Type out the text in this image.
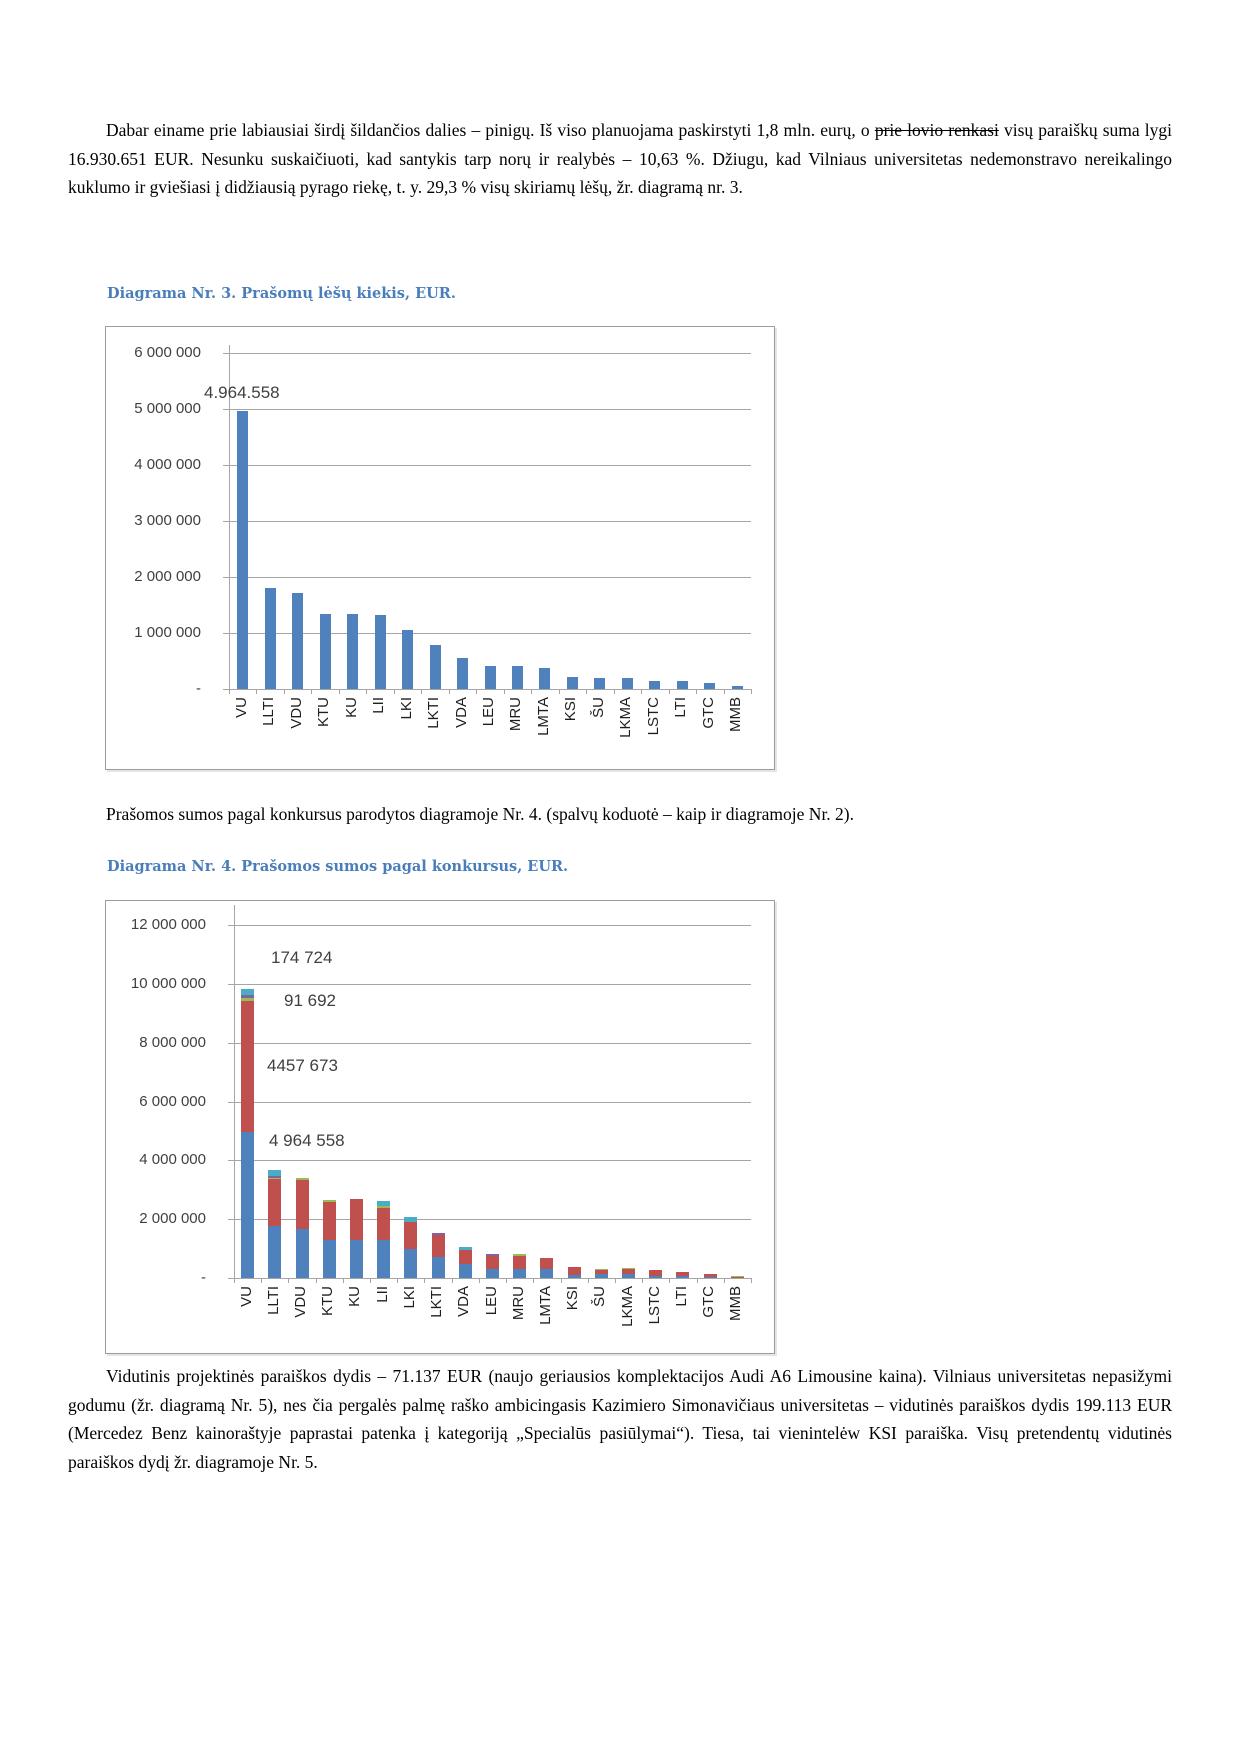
Dabar einame prie labiausiai širdį šildančios dalies – pinigų. Iš viso planuojama paskirstyti 1,8 mln. eurų, o prie lovio renkasi visų paraiškų suma lygi 16.930.651 EUR. Nesunku suskaičiuoti, kad santykis tarp norų ir realybės – 10,63 %. Džiugu, kad Vilniaus universitetas nedemonstravo nereikalingo kuklumo ir gviešiasi į didžiausią pyrago riekę, t. y. 29,3 % visų skiriamų lėšų, žr. diagramą nr. 3.

Diagrama Nr. 3. Prašomų lėšų kiekis, EUR.
6 000 000
5 000 000
4 000 000
3 000 000
2 000 000
1 000 000
-
VU LLTI VDU KTU KU LII LKI LKTI VDA LEU MRU LMTA KSI ŠU LKMA LSTC LTI GTC MMB
4.964.558

Prašomos sumos pagal konkursus parodytos diagramoje Nr. 4. (spalvų koduotė – kaip ir diagramoje Nr. 2).

Diagrama Nr. 4. Prašomos sumos pagal konkursus, EUR.
12 000 000
10 000 000
8 000 000
6 000 000
4 000 000
2 000 000
-
VU LLTI VDU KTU KU LII LKI LKTI VDA LEU MRU LMTA KSI ŠU LKMA LSTC LTI GTC MMB
174 724
91 692
4457 673
4 964 558

Vidutinis projektinės paraiškos dydis – 71.137 EUR (naujo geriausios komplektacijos Audi A6 Limousine kaina). Vilniaus universitetas nepasižymi godumu (žr. diagramą Nr. 5), nes čia pergalės palmę raško ambicingasis Kazimiero Simonavičiaus universitetas – vidutinės paraiškos dydis 199.113 EUR (Mercedez Benz kainoraštyje paprastai patenka į kategoriją „Specialūs pasiūlymai“). Tiesa, tai vienintelėw KSI paraiška. Visų pretendentų vidutinės paraiškos dydį žr. diagramoje Nr. 5.
